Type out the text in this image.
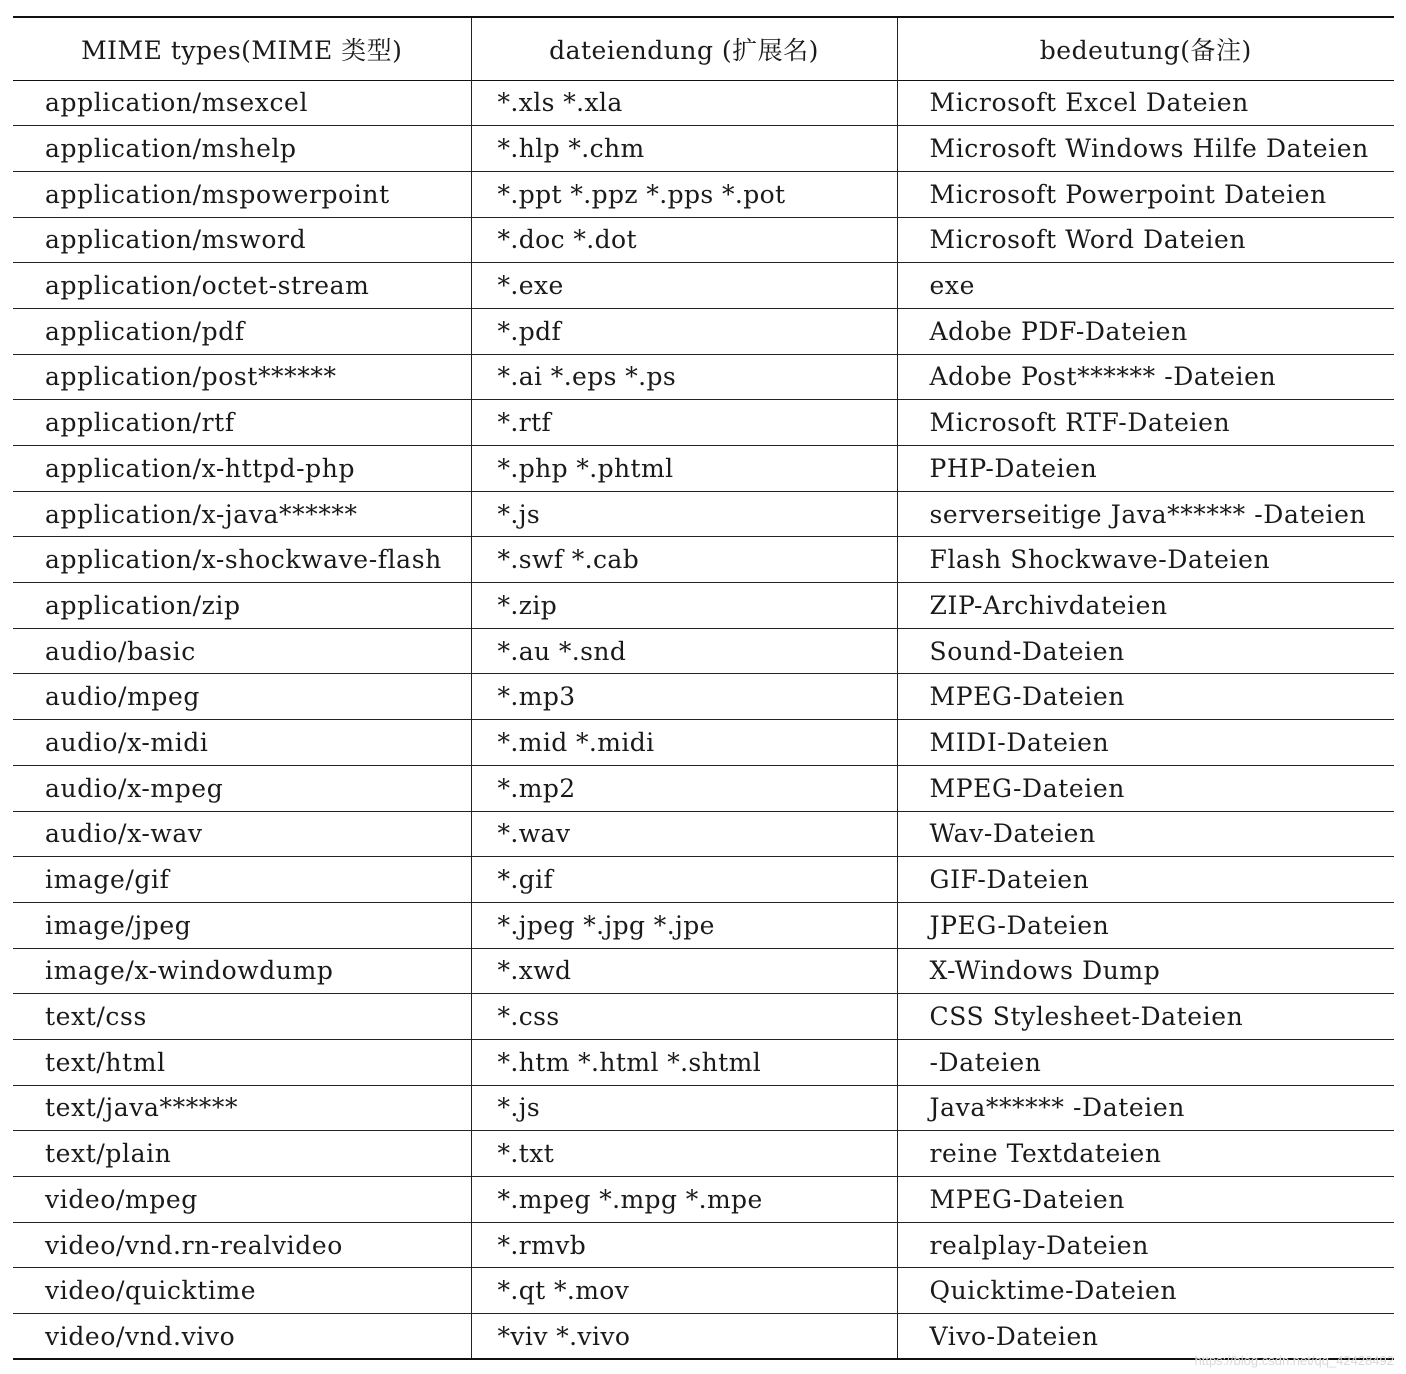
MIME types(MIME 类型)	dateiendung (扩展名)	bedeutung(备注)
application/msexcel	*.xls *.xla	Microsoft Excel Dateien
application/mshelp	*.hlp *.chm	Microsoft Windows Hilfe Dateien
application/mspowerpoint	*.ppt *.ppz *.pps *.pot	Microsoft Powerpoint Dateien
application/msword	*.doc *.dot	Microsoft Word Dateien
application/octet-stream	*.exe	exe
application/pdf	*.pdf	Adobe PDF-Dateien
application/post******	*.ai *.eps *.ps	Adobe Post****** -Dateien
application/rtf	*.rtf	Microsoft RTF-Dateien
application/x-httpd-php	*.php *.phtml	PHP-Dateien
application/x-java******	*.js	serverseitige Java****** -Dateien
application/x-shockwave-flash	*.swf *.cab	Flash Shockwave-Dateien
application/zip	*.zip	ZIP-Archivdateien
audio/basic	*.au *.snd	Sound-Dateien
audio/mpeg	*.mp3	MPEG-Dateien
audio/x-midi	*.mid *.midi	MIDI-Dateien
audio/x-mpeg	*.mp2	MPEG-Dateien
audio/x-wav	*.wav	Wav-Dateien
image/gif	*.gif	GIF-Dateien
image/jpeg	*.jpeg *.jpg *.jpe	JPEG-Dateien
image/x-windowdump	*.xwd	X-Windows Dump
text/css	*.css	CSS Stylesheet-Dateien
text/html	*.htm *.html *.shtml	-Dateien
text/java******	*.js	Java****** -Dateien
text/plain	*.txt	reine Textdateien
video/mpeg	*.mpeg *.mpg *.mpe	MPEG-Dateien
video/vnd.rn-realvideo	*.rmvb	realplay-Dateien
video/quicktime	*.qt *.mov	Quicktime-Dateien
video/vnd.vivo	*viv *.vivo	Vivo-Dateien
https://blog.csdn.net/qq_42428492
